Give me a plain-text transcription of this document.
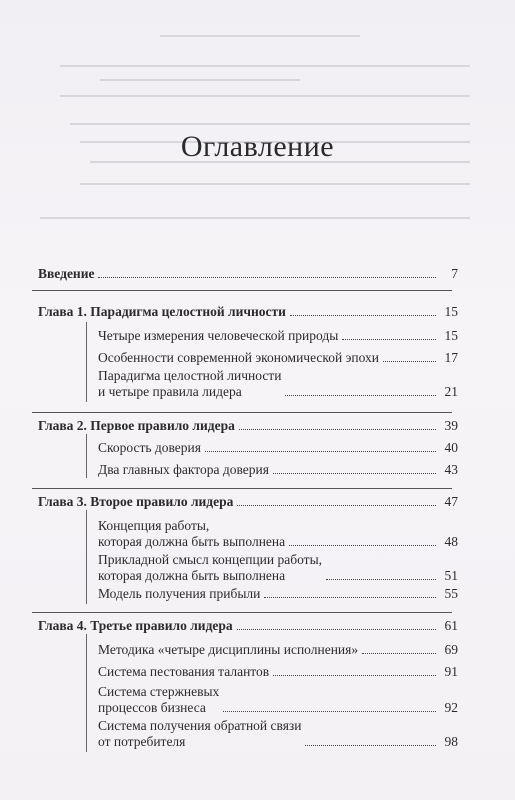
Оглавление
Введение	7
Глава 1. Парадигма целостной личности	15
Четыре измерения человеческой природы	15
Особенности современной экономической эпохи	17
Парадигма целостной личности
и четыре правила лидера	21
Глава 2. Первое правило лидера	39
Скорость доверия	40
Два главных фактора доверия	43
Глава 3. Второе правило лидера	47
Концепция работы,
которая должна быть выполнена	48
Прикладной смысл концепции работы,
которая должна быть выполнена	51
Модель получения прибыли	55
Глава 4. Третье правило лидера	61
Методика «четыре дисциплины исполнения»	69
Система пестования талантов	91
Система стержневых
процессов бизнеса	92
Система получения обратной связи
от потребителя	98
